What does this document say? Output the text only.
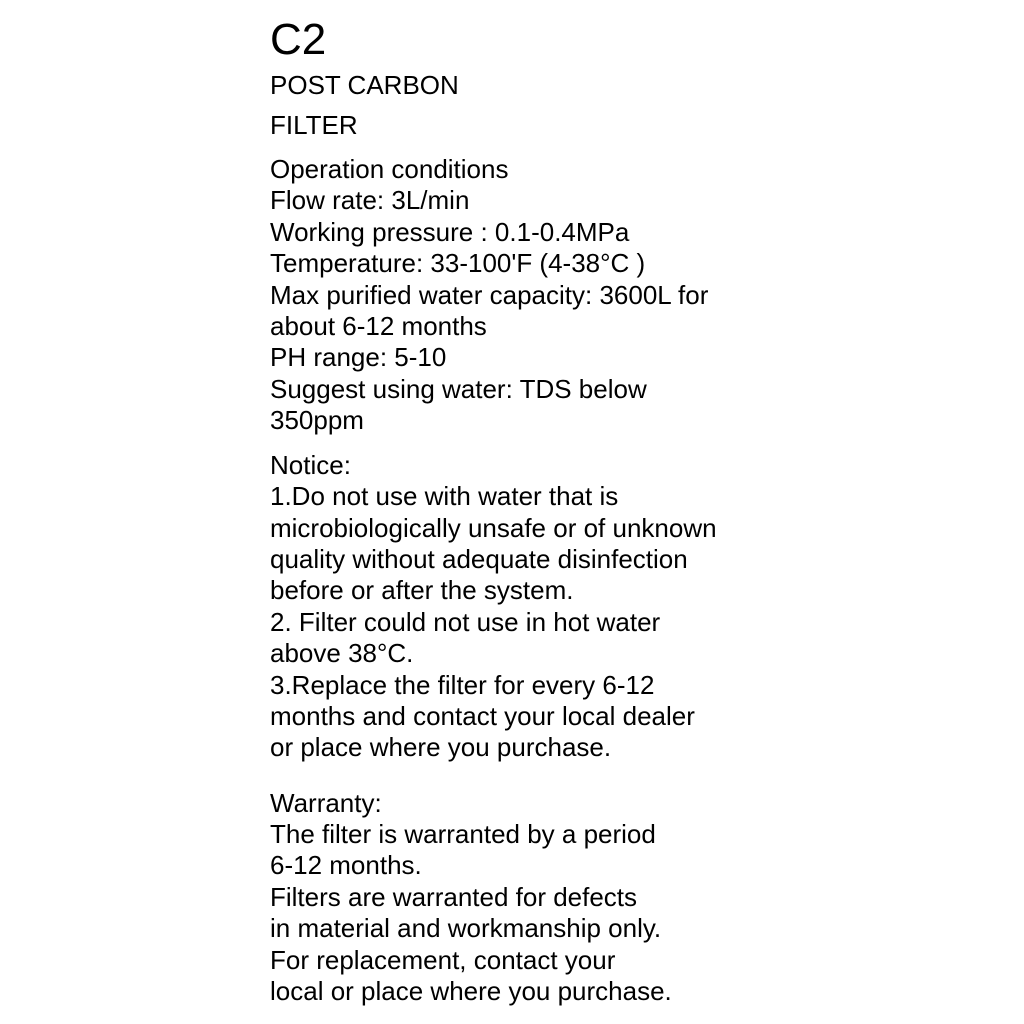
C2
POST CARBON
FILTER
Operation conditions
Flow rate: 3L/min
Working pressure : 0.1-0.4MPa
Temperature: 33-100'F (4-38°C )
Max purified water capacity: 3600L for
about 6-12 months
PH range: 5-10
Suggest using water: TDS below
350ppm
Notice:
1.Do not use with water that is
microbiologically unsafe or of unknown
quality without adequate disinfection
before or after the system.
2. Filter could not use in hot water
above 38°C.
3.Replace the filter for every 6-12
months and contact your local dealer
or place where you purchase.
Warranty:
The filter is warranted by a period
6-12 months.
Filters are warranted for defects
in material and workmanship only.
For replacement, contact your
local or place where you purchase.
